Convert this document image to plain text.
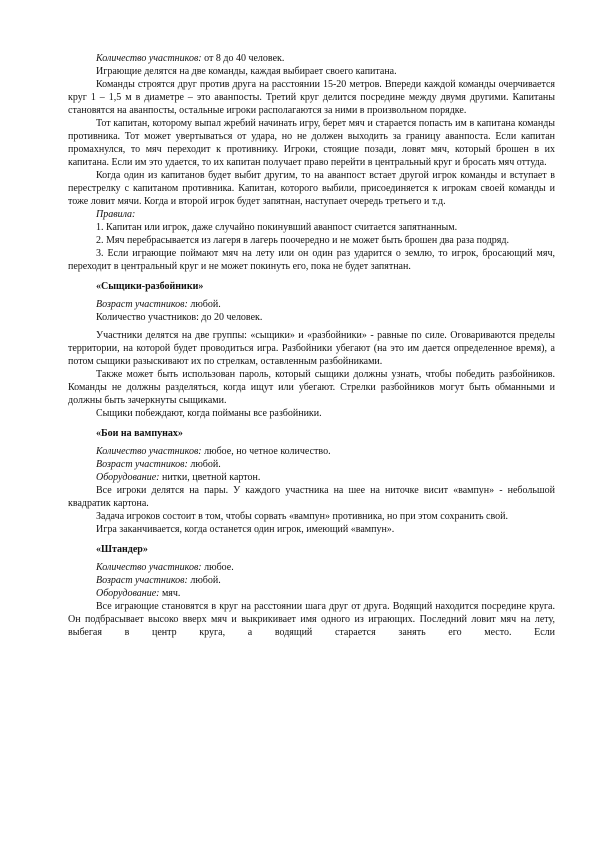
Количество участников: от 8 до 40 человек.

Играющие делятся на две команды, каждая выбирает своего капитана.

Команды строятся друг против друга на расстоянии 15-20 метров. Впереди каждой команды очерчивается круг 1 – 1,5 м в диаметре – это аванпосты. Третий круг делится посредине между двумя другими. Капитаны становятся на аванпосты, остальные игроки располагаются за ними в произвольном порядке.

Тот капитан, которому выпал жребий начинать игру, берет мяч и старается попасть им в капитана команды противника. Тот может увертываться от удара, но не должен выходить за границу аванпоста. Если капитан промахнулся, то мяч переходит к противнику. Игроки, стоящие позади, ловят мяч, который брошен в их капитана. Если им это удается, то их капитан получает право перейти в центральный круг и бросать мяч оттуда.

Когда один из капитанов будет выбит другим, то на аванпост встает другой игрок команды и вступает в перестрелку с капитаном противника. Капитан, которого выбили, присоединяется к игрокам своей команды и тоже ловит мячи. Когда и второй игрок будет запятнан, наступает очередь третьего и т.д.

Правила:

1. Капитан или игрок, даже случайно покинувший аванпост считается запятнанным.

2. Мяч перебрасывается из лагеря в лагерь поочередно и не может быть брошен два раза подряд.

3. Если играющие поймают мяч на лету или он один раз ударится о землю, то игрок, бросающий мяч, переходит в центральный круг и не может покинуть его, пока не будет запятнан.

«Сыщики-разбойники»

Возраст участников: любой.

Количество участников: до 20 человек.

Участники делятся на две группы: «сыщики» и «разбойники» - равные по силе. Оговариваются пределы территории, на которой будет проводиться игра. Разбойники убегают (на это им дается определенное время), а потом сыщики разыскивают их по стрелкам, оставленным разбойниками.

Также может быть использован пароль, который сыщики должны узнать, чтобы победить разбойников. Команды не должны разделяться, когда ищут или убегают. Стрелки разбойников могут быть обманными и должны быть зачеркнуты сыщиками.

Сыщики побеждают, когда пойманы все разбойники.

«Бои на вампунах»

Количество участников: любое, но четное количество.

Возраст участников: любой.

Оборудование: нитки, цветной картон.

Все игроки делятся на пары. У каждого участника на шее на ниточке висит «вампун» - небольшой квадратик картона.

Задача игроков состоит в том, чтобы сорвать «вампун» противника, но при этом сохранить свой.

Игра заканчивается, когда останется один игрок, имеющий «вампун».

«Штандер»

Количество участников: любое.

Возраст участников: любой.

Оборудование: мяч.

Все играющие становятся в круг на расстоянии шага друг от друга. Водящий находится посредине круга. Он подбрасывает высоко вверх мяч и выкрикивает имя одного из играющих. Последний ловит мяч на лету, выбегая в центр круга, а водящий старается занять его место. Если
